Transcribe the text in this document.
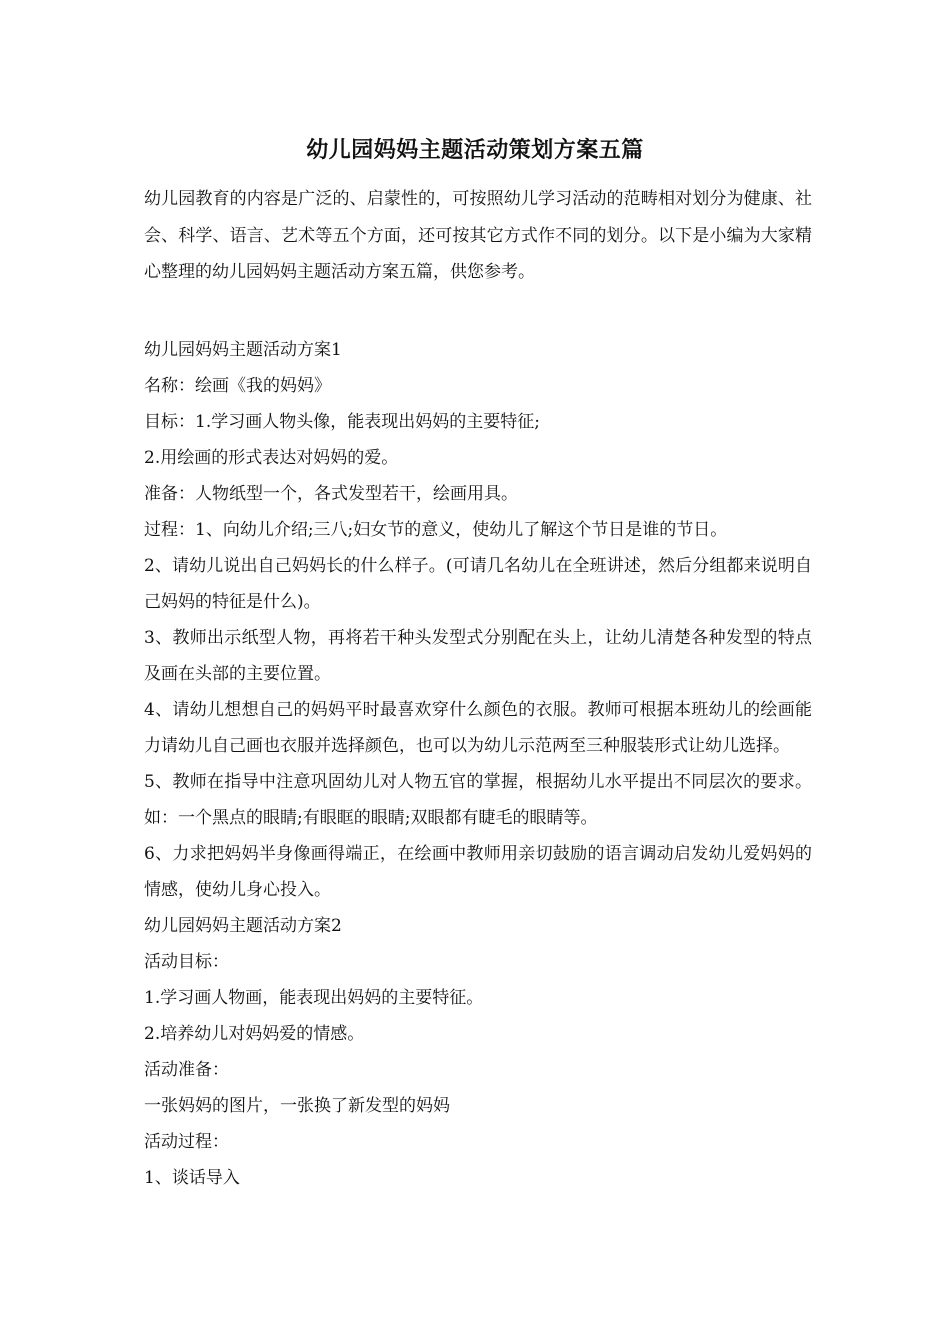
幼儿园妈妈主题活动策划方案五篇

幼儿园教育的内容是广泛的、启蒙性的，可按照幼儿学习活动的范畴相对划分为健康、社会、科学、语言、艺术等五个方面，还可按其它方式作不同的划分。以下是小编为大家精心整理的幼儿园妈妈主题活动方案五篇，供您参考。

幼儿园妈妈主题活动方案1

名称：绘画《我的妈妈》

目标：1.学习画人物头像，能表现出妈妈的主要特征;

2.用绘画的形式表达对妈妈的爱。

准备：人物纸型一个，各式发型若干，绘画用具。

过程：1、向幼儿介绍;三八;妇女节的意义，使幼儿了解这个节日是谁的节日。

2、请幼儿说出自己妈妈长的什么样子。(可请几名幼儿在全班讲述，然后分组都来说明自己妈妈的特征是什么)。

3、教师出示纸型人物，再将若干种头发型式分别配在头上，让幼儿清楚各种发型的特点及画在头部的主要位置。

4、请幼儿想想自己的妈妈平时最喜欢穿什么颜色的衣服。教师可根据本班幼儿的绘画能力请幼儿自己画也衣服并选择颜色，也可以为幼儿示范两至三种服装形式让幼儿选择。

5、教师在指导中注意巩固幼儿对人物五官的掌握，根据幼儿水平提出不同层次的要求。如：一个黑点的眼睛;有眼眶的眼睛;双眼都有睫毛的眼睛等。

6、力求把妈妈半身像画得端正，在绘画中教师用亲切鼓励的语言调动启发幼儿爱妈妈的情感，使幼儿身心投入。

幼儿园妈妈主题活动方案2

活动目标：

1.学习画人物画，能表现出妈妈的主要特征。

2.培养幼儿对妈妈爱的情感。

活动准备：

一张妈妈的图片，一张换了新发型的妈妈

活动过程：

1、谈话导入
